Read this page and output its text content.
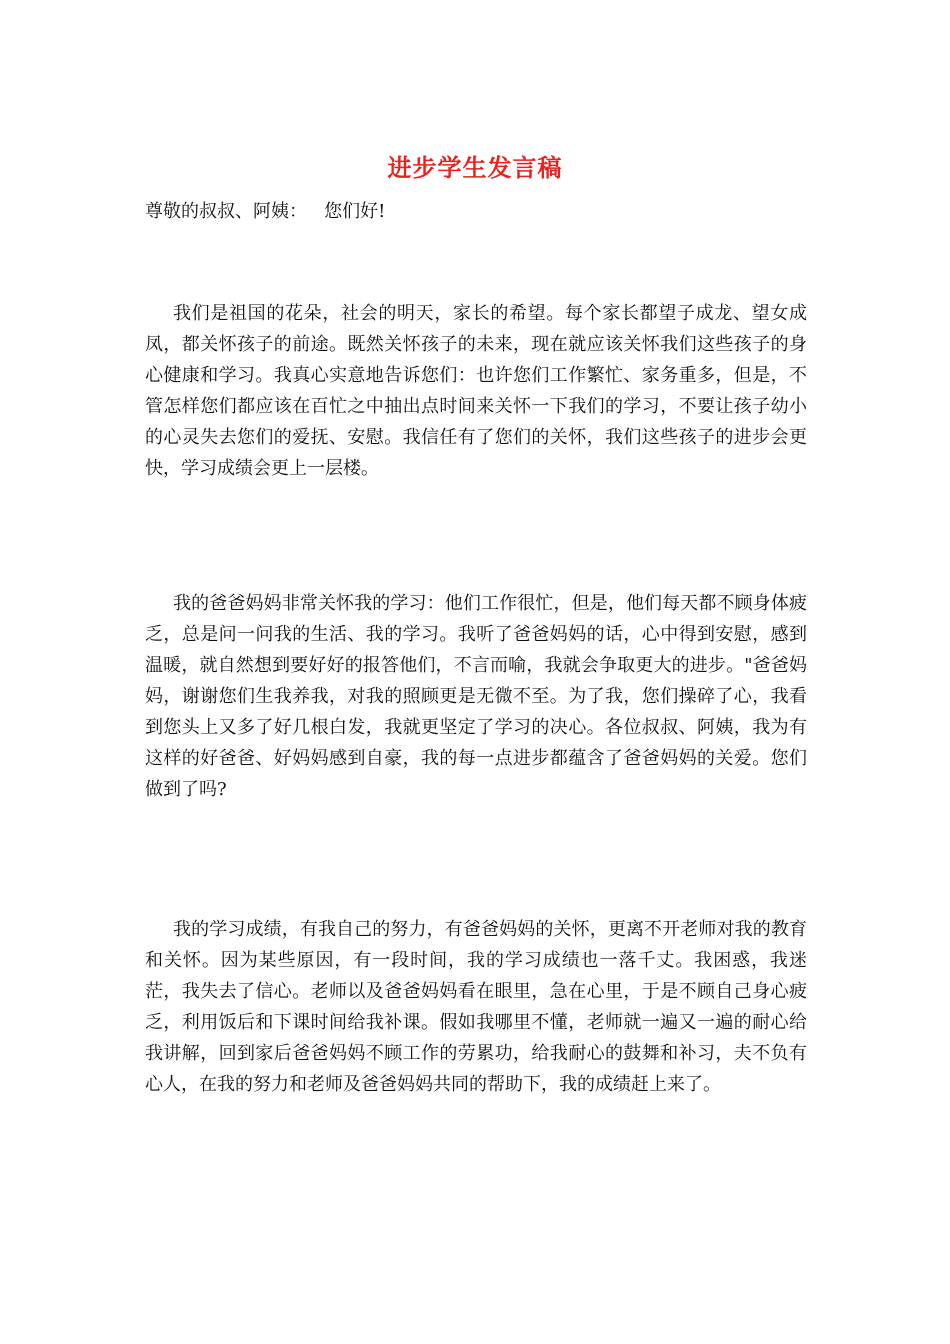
进步学生发言稿

尊敬的叔叔、阿姨：   您们好!

我们是祖国的花朵，社会的明天，家长的希望。每个家长都望子成龙、望女成凤，都关怀孩子的前途。既然关怀孩子的未来，现在就应该关怀我们这些孩子的身心健康和学习。我真心实意地告诉您们：也许您们工作繁忙、家务重多，但是，不管怎样您们都应该在百忙之中抽出点时间来关怀一下我们的学习，不要让孩子幼小的心灵失去您们的爱抚、安慰。我信任有了您们的关怀，我们这些孩子的进步会更快，学习成绩会更上一层楼。

我的爸爸妈妈非常关怀我的学习：他们工作很忙，但是，他们每天都不顾身体疲乏，总是问一问我的生活、我的学习。我听了爸爸妈妈的话，心中得到安慰，感到温暖，就自然想到要好好的报答他们，不言而喻，我就会争取更大的进步。"爸爸妈妈，谢谢您们生我养我，对我的照顾更是无微不至。为了我，您们操碎了心，我看到您头上又多了好几根白发，我就更坚定了学习的决心。各位叔叔、阿姨，我为有这样的好爸爸、好妈妈感到自豪，我的每一点进步都蕴含了爸爸妈妈的关爱。您们做到了吗?

我的学习成绩，有我自己的努力，有爸爸妈妈的关怀，更离不开老师对我的教育和关怀。因为某些原因，有一段时间，我的学习成绩也一落千丈。我困惑，我迷茫，我失去了信心。老师以及爸爸妈妈看在眼里，急在心里，于是不顾自己身心疲乏，利用饭后和下课时间给我补课。假如我哪里不懂，老师就一遍又一遍的耐心给我讲解，回到家后爸爸妈妈不顾工作的劳累功，给我耐心的鼓舞和补习，夫不负有心人，在我的努力和老师及爸爸妈妈共同的帮助下，我的成绩赶上来了。
